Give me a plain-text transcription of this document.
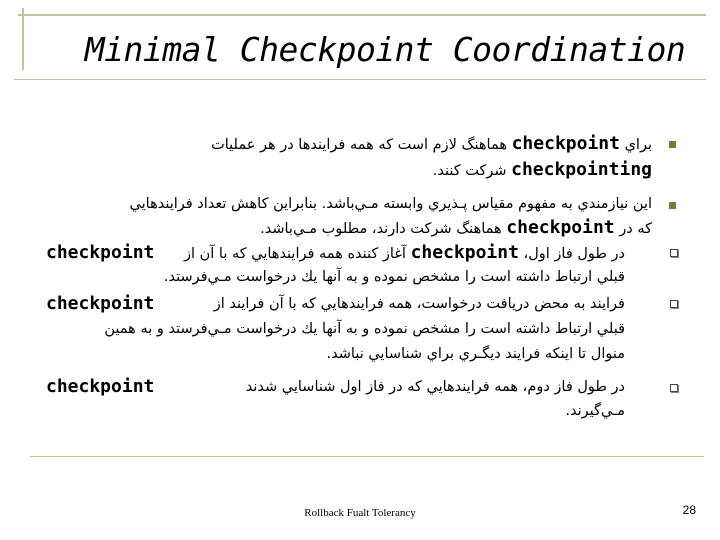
Minimal Checkpoint Coordination
براي checkpoint هماهنگ لازم است كه همه فرايندها در هر عمليات
checkpointing شركت كنند.
اين نيازمندي به مفهوم مقياس پـذيري وابسته مـي‌باشد. بنابراين كاهش تعداد فرايندهايي
كه در checkpoint هماهنگ شركت دارند، مطلوب مـي‌باشد.
در طول فاز اول، checkpoint آغاز كننده همه فرايندهايي كه با آن از
checkpoint
قبلي ارتباط داشته است را مشخص نموده و به آنها يك درخواست مـي‌فرستد.
فرايند به محض دريافت درخواست، همه فرايندهايي كه با آن فرايند از
checkpoint
قبلي ارتباط داشته است را مشخص نموده و به آنها يك درخواست مـي‌فرستد و به همين
منوال تا اينكه فرايند ديگـري براي شناسايي نباشد.
در طول فاز دوم، همه فرايندهايي كه در فاز اول شناسايي شدند
checkpoint
مـي‌گيرند.
Rollback Fualt Tolerancy	28
